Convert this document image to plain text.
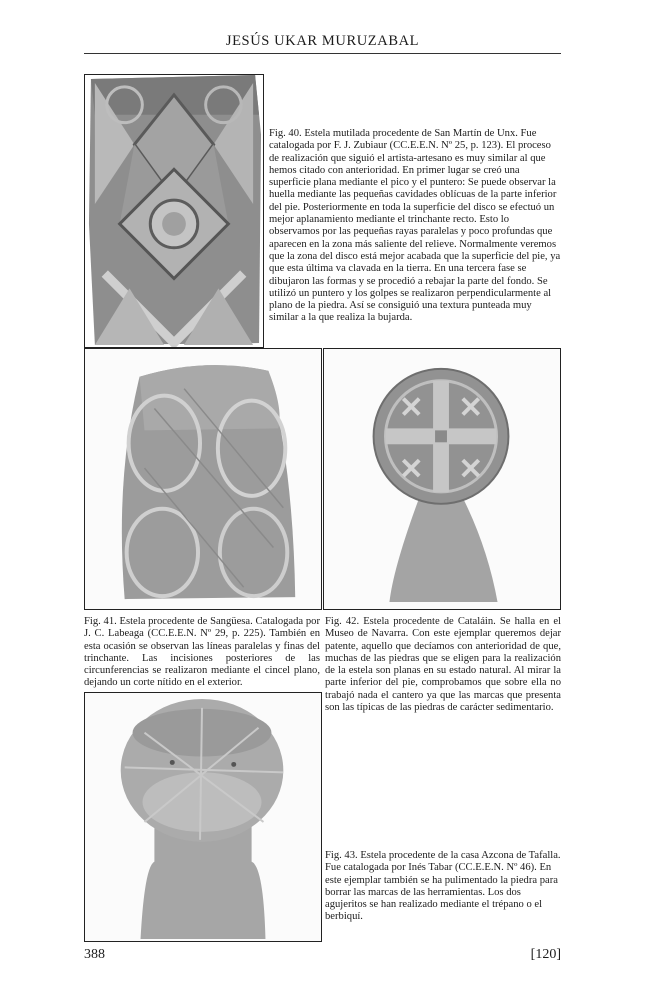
JESÚS UKAR MURUZABAL
Fig. 40. Estela mutilada procedente de San Martín de Unx. Fue catalogada por F. J. Zubiaur (CC.E.E.N. Nº 25, p. 123). El proceso de realización que siguió el artista-artesano es muy similar al que hemos citado con anterioridad. En primer lugar se creó una superficie plana mediante el pico y el puntero: Se puede observar la huella mediante las pequeñas cavidades oblícuas de la parte inferior del pie. Posteriormente en toda la superficie del disco se efectuó un mejor aplanamiento mediante el trinchante recto. Esto lo observamos por las pequeñas rayas paralelas y poco profundas que aparecen en la zona más saliente del relieve. Normalmente veremos que la zona del disco está mejor acabada que la superficie del pie, ya que esta última va clavada en la tierra. En una tercera fase se dibujaron las formas y se procedió a rebajar la parte del fondo. Se utilizó un puntero y los golpes se realizaron perpendicularmente al plano de la piedra. Así se consiguió una textura punteada muy similar a la que realiza la bujarda.
Fig. 41. Estela procedente de Sangüesa. Catalogada por J. C. Labeaga (CC.E.E.N. Nº 29, p. 225). También en esta ocasión se observan las líneas paralelas y finas del trinchante. Las incisiones posteriores de las circunferencias se realizaron mediante el cincel plano, dejando un corte nítido en el exterior.
Fig. 42. Estela procedente de Cataláin. Se halla en el Museo de Navarra. Con este ejemplar queremos dejar patente, aquello que decíamos con anterioridad de que, muchas de las piedras que se eligen para la realización de la estela son planas en su estado natural. Al mirar la parte inferior del pie, comprobamos que sobre ella no trabajó nada el cantero ya que las marcas que presenta son las típicas de las piedras de carácter sedimentario.
Fig. 43. Estela procedente de la casa Azcona de Tafalla. Fue catalogada por Inés Tabar (CC.E.E.N. Nº 46). En este ejemplar también se ha pulimentado la piedra para borrar las marcas de las herramientas. Los dos agujeritos se han realizado mediante el trépano o el berbiquí.
388	[120]
